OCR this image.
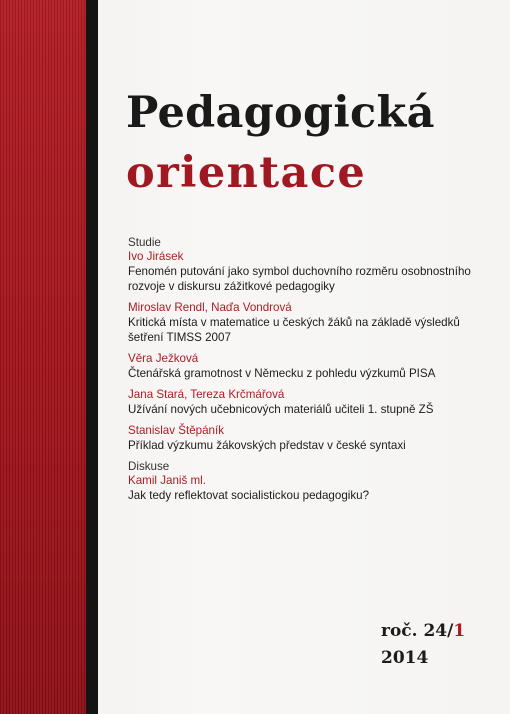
Pedagogická
orientace
Studie
Ivo Jirásek
Fenomén putování jako symbol duchovního rozměru osobnostního rozvoje v diskursu zážitkové pedagogiky
Miroslav Rendl, Naďa Vondrová
Kritická místa v matematice u českých žáků na základě výsledků šetření TIMSS 2007
Věra Ježková
Čtenářská gramotnost v Německu z pohledu výzkumů PISA
Jana Stará, Tereza Krčmářová
Užívání nových učebnicových materiálů učiteli 1. stupně ZŠ
Stanislav Štěpáník
Příklad výzkumu žákovských představ v české syntaxi
Diskuse
Kamil Janiš ml.
Jak tedy reflektovat socialistickou pedagogiku?
roč. 24/1
2014
